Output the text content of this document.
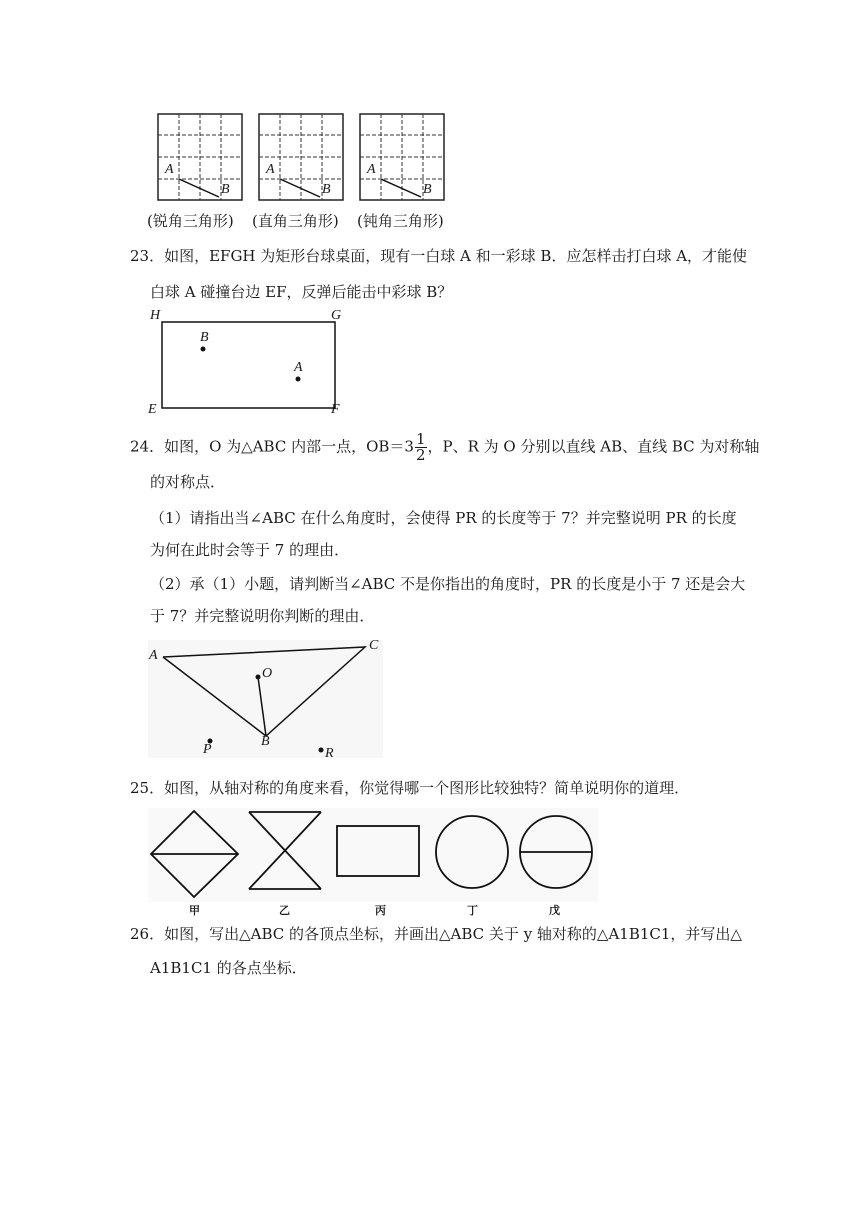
A
B
A
B
A
B
(锐角三角形) (直角三角形) (钝角三角形)
23．如图，EFGH 为矩形台球桌面，现有一白球 A 和一彩球 B．应怎样击打白球 A，才能使
白球 A 碰撞台边 EF，反弹后能击中彩球 B？
H	G
E	F
B
A
24．如图，O 为△ABC 内部一点，$OB=3 \frac{1}{2}$ ，P、R 为 O 分别以直线 AB、直线 BC 为对称轴
的对称点．
（1）请指出当∠ABC 在什么角度时，会使得 PR 的长度等于 7？并完整说明 PR 的长度
为何在此时会等于 7 的理由．
（2）承（1）小题，请判断当∠ABC 不是你指出的角度时，PR 的长度是小于 7 还是会大
于 7？并完整说明你判断的理由．
A
C
O
B
P	R
25．如图，从轴对称的角度来看，你觉得哪一个图形比较独特？简单说明你的道理．
甲	乙	丙	丁	戊
26．如图，写出△ABC 的各顶点坐标，并画出△ABC 关于 y 轴对称的△A1B1C1，并写出△
A1B1C1 的各点坐标．
